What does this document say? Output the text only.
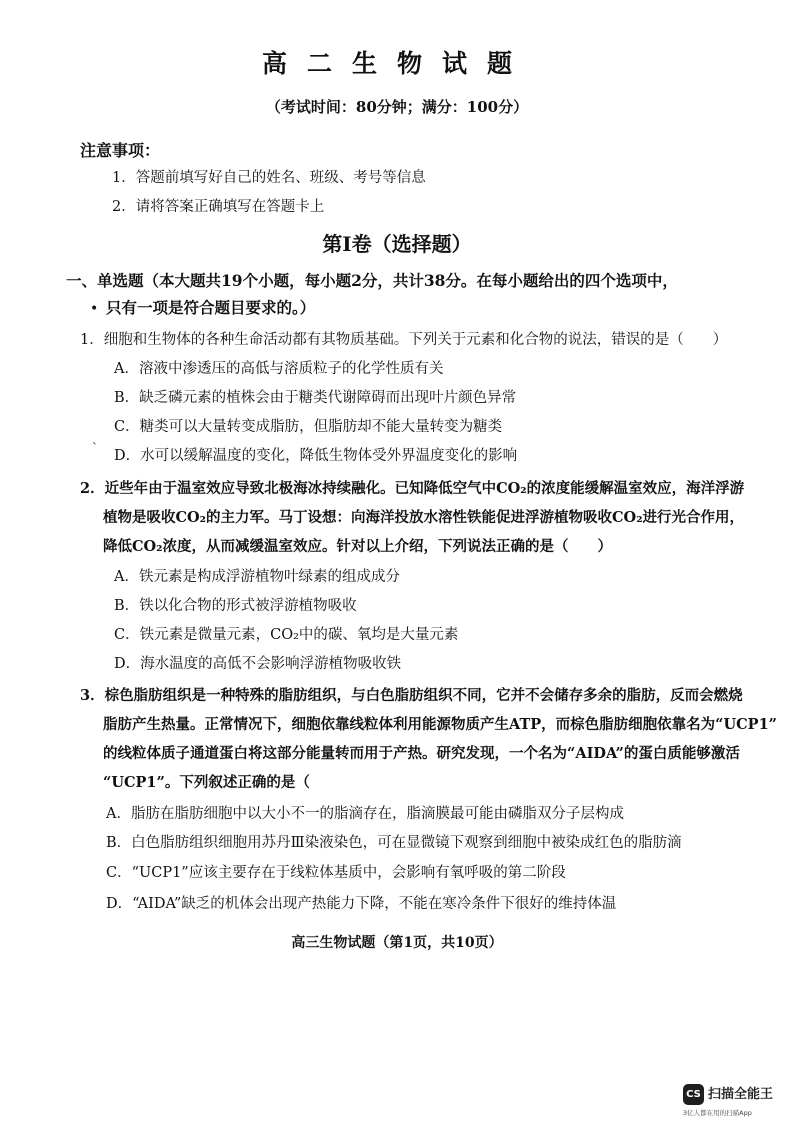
高二生物试题
（考试时间：80分钟；满分：100分）
注意事项：
1．答题前填写好自己的姓名、班级、考号等信息
2．请将答案正确填写在答题卡上
第Ⅰ卷（选择题）
一、单选题（本大题共19个小题，每小题2分，共计38分。在每小题给出的四个选项中，
• 只有一项是符合题目要求的。）
1．细胞和生物体的各种生命活动都有其物质基础。下列关于元素和化合物的说法，错误的是（　　）
A．溶液中渗透压的高低与溶质粒子的化学性质有关
B．缺乏磷元素的植株会由于糖类代谢障碍而出现叶片颜色异常
C．糖类可以大量转变成脂肪，但脂肪却不能大量转变为糖类
` D．水可以缓解温度的变化，降低生物体受外界温度变化的影响
2．近些年由于温室效应导致北极海冰持续融化。已知降低空气中CO₂的浓度能缓解温室效应，海洋浮游
植物是吸收CO₂的主力军。马丁设想：向海洋投放水溶性铁能促进浮游植物吸收CO₂进行光合作用，
降低CO₂浓度，从而减缓温室效应。针对以上介绍，下列说法正确的是（　　）
A．铁元素是构成浮游植物叶绿素的组成成分
B．铁以化合物的形式被浮游植物吸收
C．铁元素是微量元素，CO₂中的碳、氧均是大量元素
D．海水温度的高低不会影响浮游植物吸收铁
3．棕色脂肪组织是一种特殊的脂肪组织，与白色脂肪组织不同，它并不会储存多余的脂肪，反而会燃烧
脂肪产生热量。正常情况下，细胞依靠线粒体利用能源物质产生ATP，而棕色脂肪细胞依靠名为“UCP1”
的线粒体质子通道蛋白将这部分能量转而用于产热。研究发现，一个名为“AIDA”的蛋白质能够激活
“UCP1”。下列叙述正确的是（
A．脂肪在脂肪细胞中以大小不一的脂滴存在，脂滴膜最可能由磷脂双分子层构成
B．白色脂肪组织细胞用苏丹Ⅲ染液染色，可在显微镜下观察到细胞中被染成红色的脂肪滴
C．“UCP1”应该主要存在于线粒体基质中，会影响有氧呼吸的第二阶段
D．“AIDA”缺乏的机体会出现产热能力下降，不能在寒冷条件下很好的维持体温
高三生物试题（第1页，共10页）
CS 扫描全能王
3亿人都在用的扫描App
